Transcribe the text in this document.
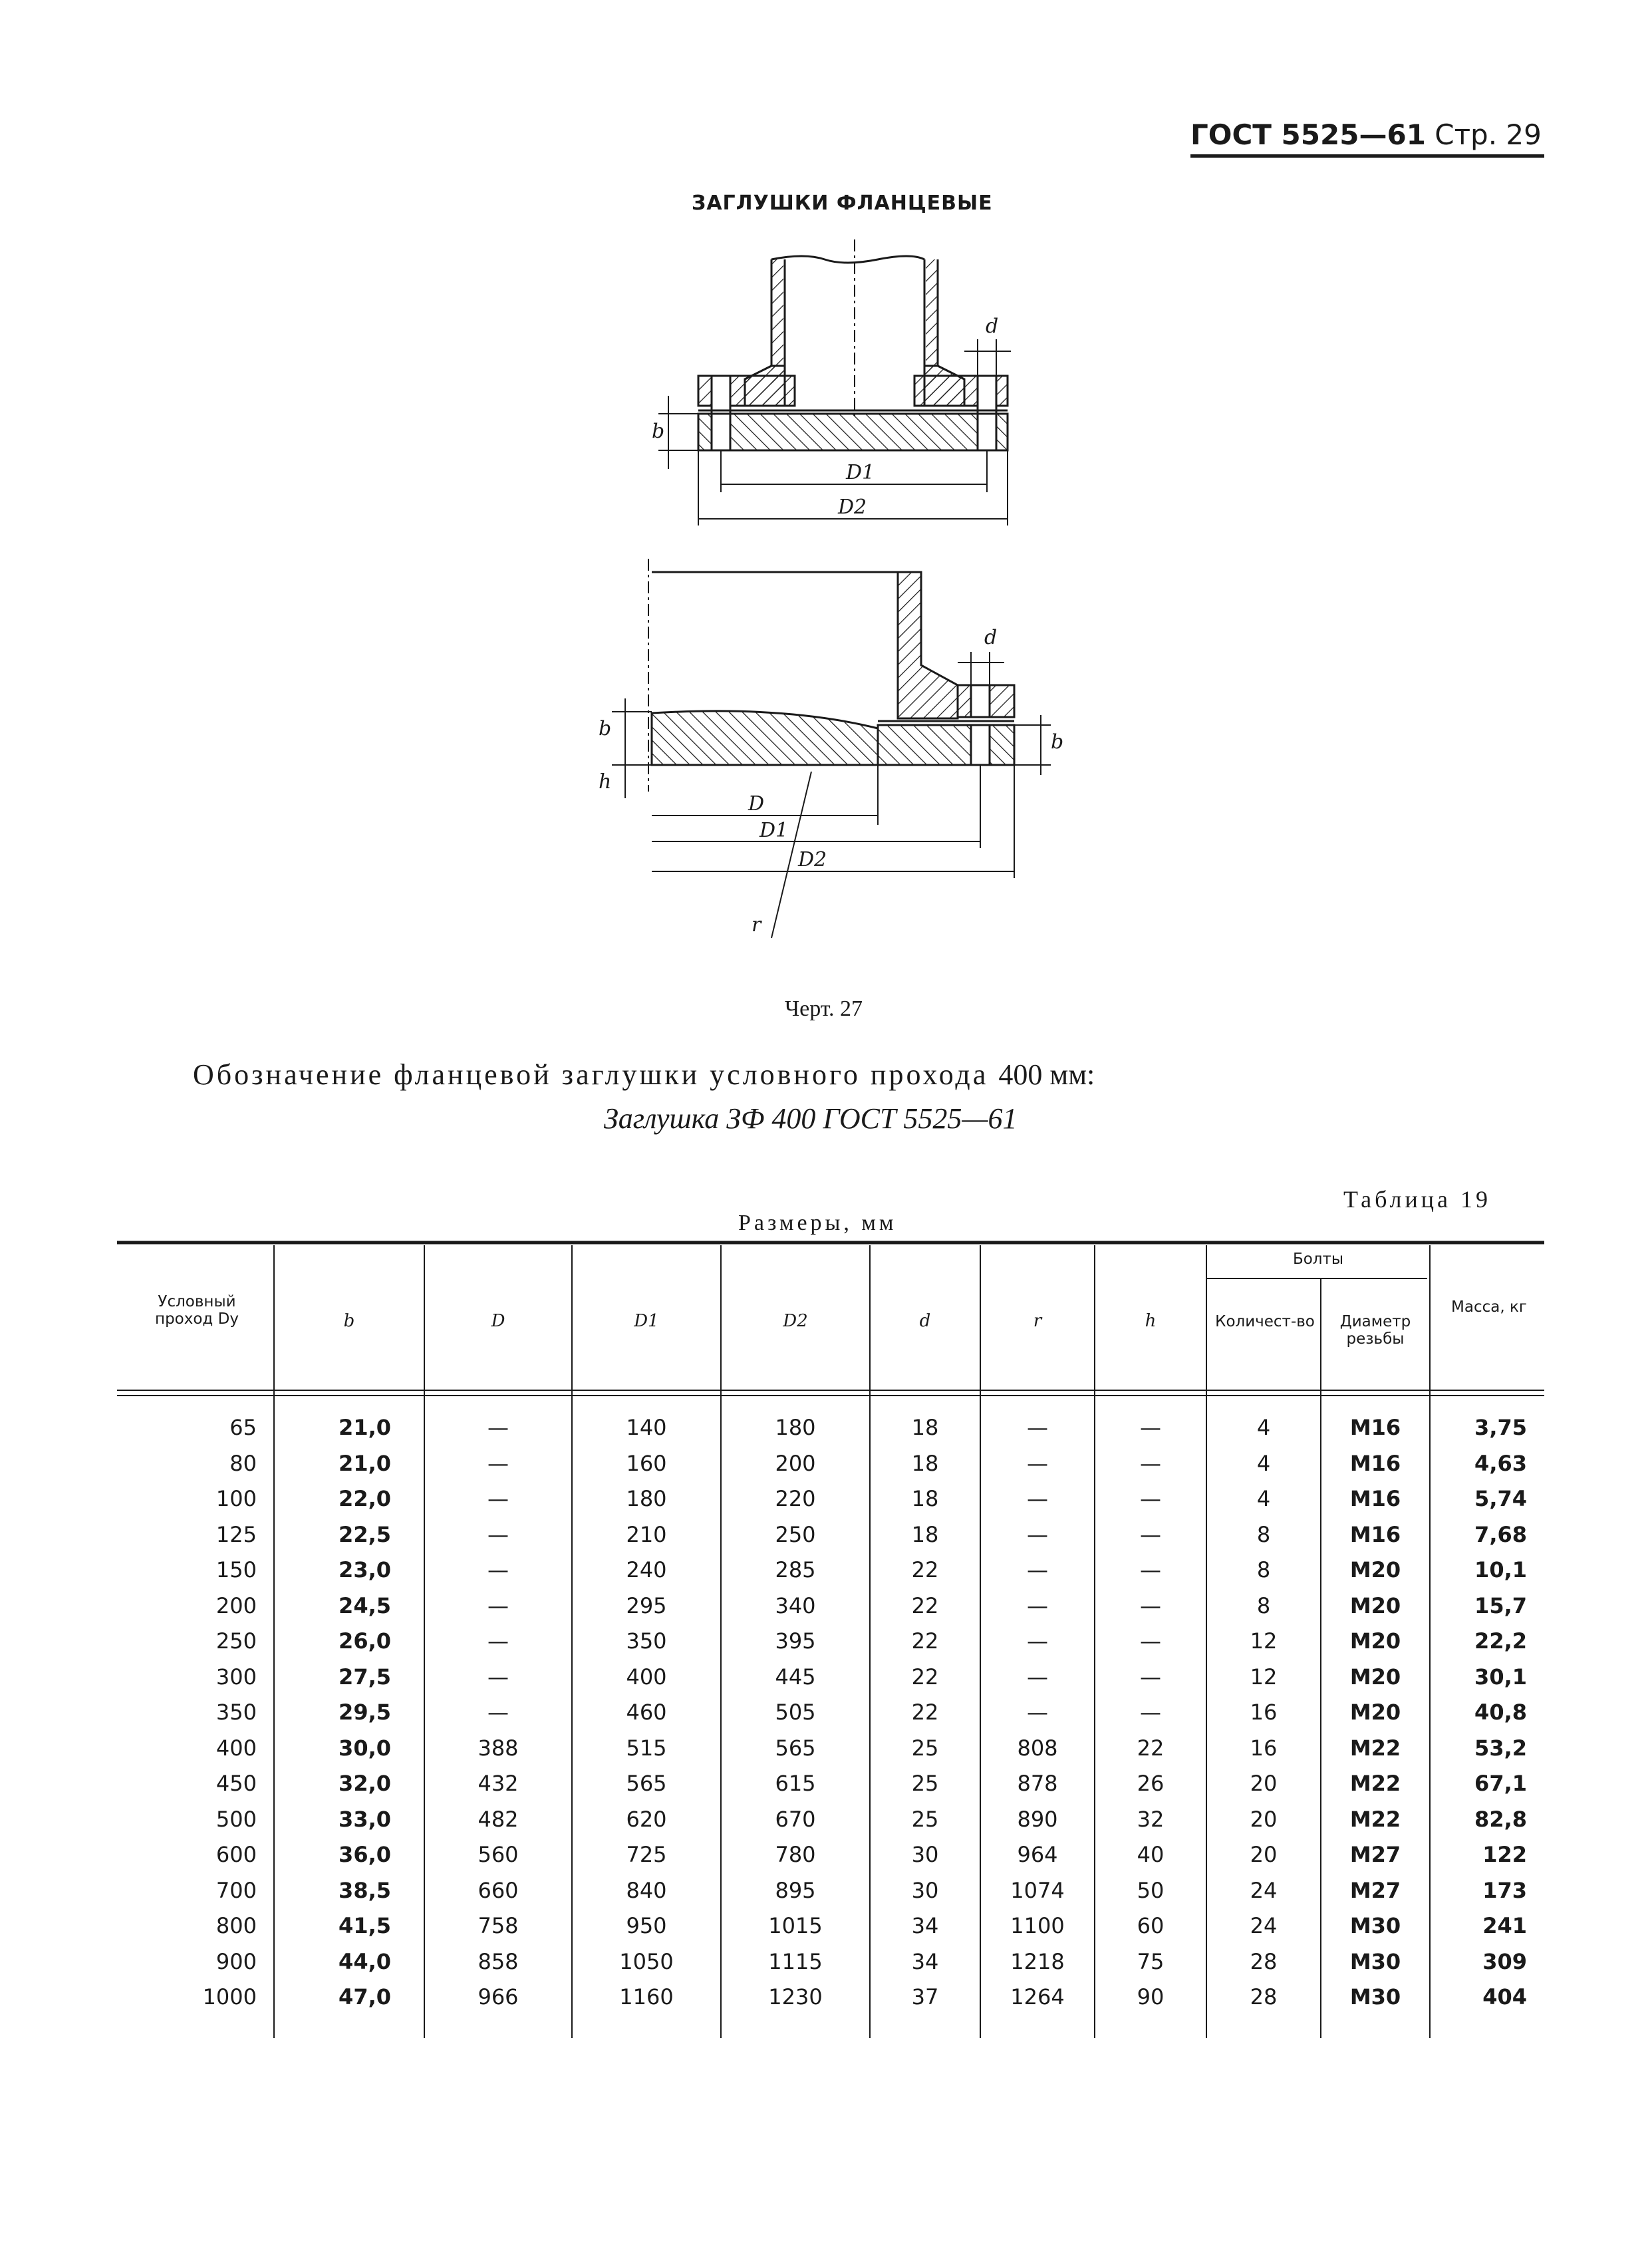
ГОСТ 5525—61 Стр. 29
ЗАГЛУШКИ ФЛАНЦЕВЫЕ
d
b
D1
D2
d
b
h
b
D
D1
D2
r
Черт. 27
Обозначение фланцевой заглушки условного прохода 400 мм:
Заглушка ЗФ 400 ГОСТ 5525—61
Таблица 19
Размеры, мм
Условный проход Dу	b	D	D1	D2	d	r	h
Болты
Количест-во	Диаметр резьбы
Масса, кг
65	21,0	—	140	180	18	—	—	4	М16	3,75
80	21,0	—	160	200	18	—	—	4	М16	4,63
100	22,0	—	180	220	18	—	—	4	М16	5,74
125	22,5	—	210	250	18	—	—	8	М16	7,68
150	23,0	—	240	285	22	—	—	8	М20	10,1
200	24,5	—	295	340	22	—	—	8	М20	15,7
250	26,0	—	350	395	22	—	—	12	М20	22,2
300	27,5	—	400	445	22	—	—	12	М20	30,1
350	29,5	—	460	505	22	—	—	16	М20	40,8
400	30,0	388	515	565	25	808	22	16	М22	53,2
450	32,0	432	565	615	25	878	26	20	М22	67,1
500	33,0	482	620	670	25	890	32	20	М22	82,8
600	36,0	560	725	780	30	964	40	20	М27	122
700	38,5	660	840	895	30	1074	50	24	М27	173
800	41,5	758	950	1015	34	1100	60	24	М30	241
900	44,0	858	1050	1115	34	1218	75	28	М30	309
1000	47,0	966	1160	1230	37	1264	90	28	М30	404
